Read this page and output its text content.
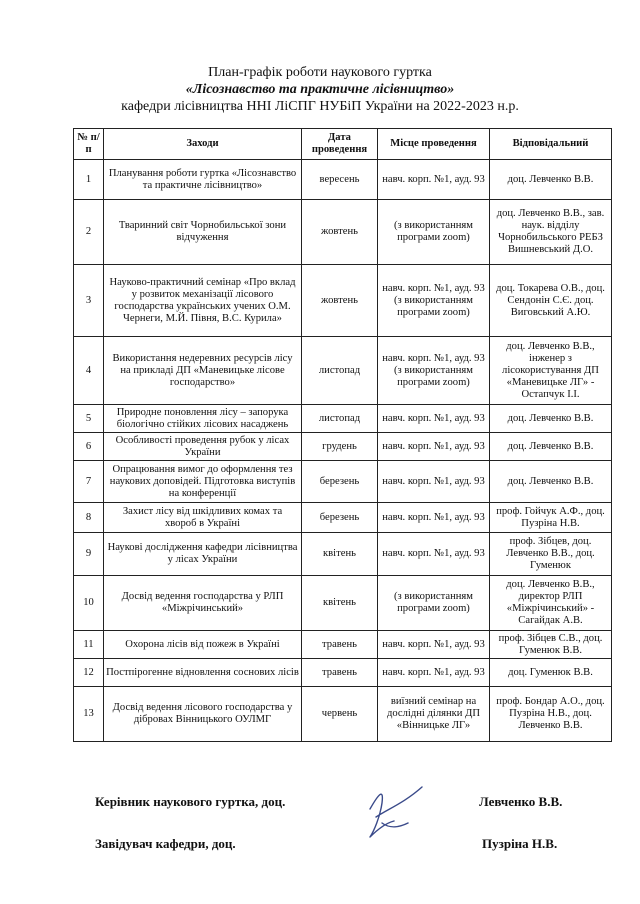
План-графік роботи наукового гуртка
«Лісознавство та практичне лісівництво»
кафедри лісівництва ННІ ЛіСПГ НУБіП України на 2022-2023 н.р.
№ п/п	Заходи	Дата проведення	Місце проведення	Відповідальний
1	Планування роботи гуртка «Лісознавство та практичне лісівництво»	вересень	навч. корп. №1, ауд. 93	доц. Левченко В.В.
2	Тваринний світ Чорнобильської зони відчуження	жовтень	(з використанням програми zoom)	доц. Левченко В.В., зав. наук. відділу Чорнобильського РЕБЗ Вишневський Д.О.
3	Науково-практичний семінар «Про вклад у розвиток механізації лісового господарства українських учених О.М. Чернеги, М.Й. Півня, В.С. Курила»	жовтень	навч. корп. №1, ауд. 93 (з використанням програми zoom)	доц. Токарева О.В., доц. Сендонін С.Є. доц. Виговський А.Ю.
4	Використання недеревних ресурсів лісу на прикладі ДП «Маневицьке лісове господарство»	листопад	навч. корп. №1, ауд. 93 (з використанням програми zoom)	доц. Левченко В.В., інженер з лісокористування ДП «Маневицьке ЛГ» - Остапчук І.І.
5	Природне поновлення лісу – запорука біологічно стійких лісових насаджень	листопад	навч. корп. №1, ауд. 93	доц. Левченко В.В.
6	Особливості проведення рубок у лісах України	грудень	навч. корп. №1, ауд. 93	доц. Левченко В.В.
7	Опрацювання вимог до оформлення тез наукових доповідей. Підготовка виступів на конференції	березень	навч. корп. №1, ауд. 93	доц. Левченко В.В.
8	Захист лісу від шкідливих комах та хвороб в Україні	березень	навч. корп. №1, ауд. 93	проф. Гойчук А.Ф., доц. Пузріна Н.В.
9	Наукові дослідження кафедри лісівництва у лісах України	квітень	навч. корп. №1, ауд. 93	проф. Зібцев, доц. Левченко В.В., доц. Гуменюк
10	Досвід ведення господарства у РЛП «Міжрічинський»	квітень	(з використанням програми zoom)	доц. Левченко В.В., директор РЛП «Міжрічинський» - Сагайдак А.В.
11	Охорона лісів від пожеж в Україні	травень	навч. корп. №1, ауд. 93	проф. Зібцев С.В., доц. Гуменюк В.В.
12	Постпірогенне відновлення соснових лісів	травень	навч. корп. №1, ауд. 93	доц. Гуменюк В.В.
13	Досвід ведення лісового господарства у дібровах Вінницького ОУЛМГ	червень	виїзний семінар на дослідні ділянки ДП «Вінницьке ЛГ»	проф. Бондар А.О., доц. Пузріна Н.В., доц. Левченко В.В.
Керівник наукового гуртка, доц.	Левченко В.В.
Завідувач кафедри, доц.	Пузріна Н.В.
